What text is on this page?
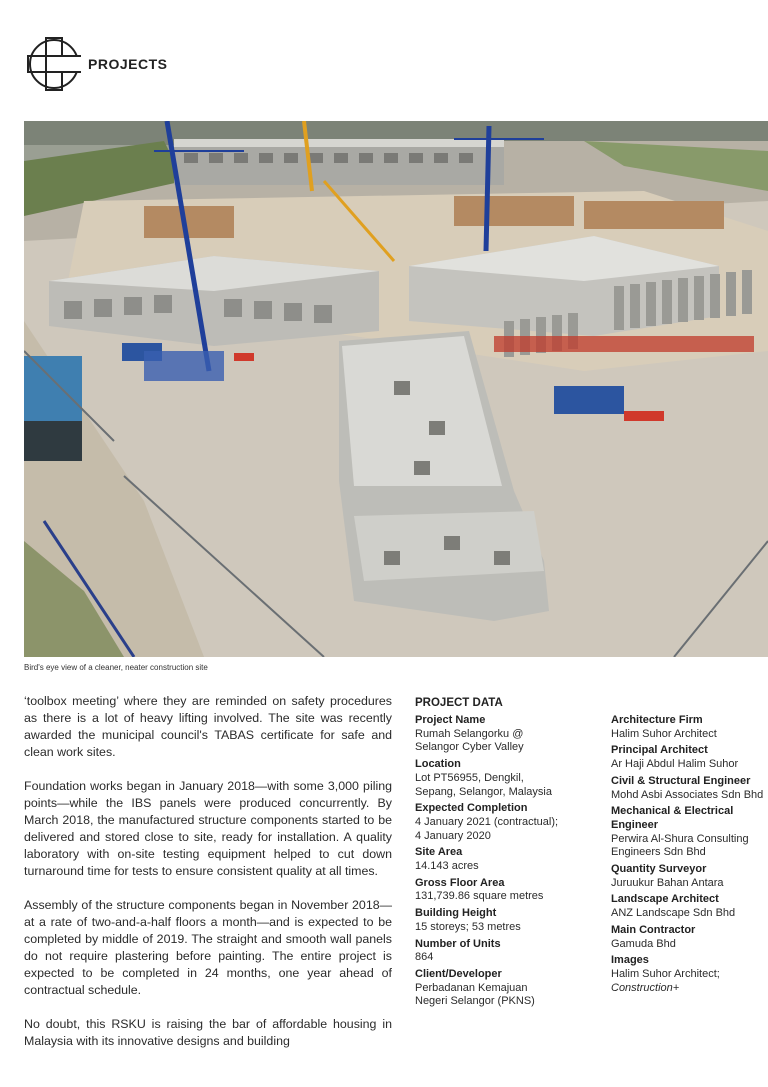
PROJECTS
Bird's eye view of a cleaner, neater construction site

‘toolbox meeting’ where they are reminded on safety procedures as there is a lot of heavy lifting involved. The site was recently awarded the municipal council's TABAS certificate for safe and clean work sites.

Foundation works began in January 2018—with some 3,000 piling points—while the IBS panels were produced concurrently. By March 2018, the manufactured structure components started to be delivered and stored close to site, ready for installation. A quality laboratory with on-site testing equipment helped to cut down turnaround time for tests to ensure consistent quality at all times.

Assembly of the structure components began in November 2018—at a rate of two-and-a-half floors a month—and is expected to be completed by middle of 2019. The straight and smooth wall panels do not require plastering before painting. The entire project is expected to be completed in 24 months, one year ahead of contractual schedule.

No doubt, this RSKU is raising the bar of affordable housing in Malaysia with its innovative designs and building

PROJECT DATA
Project Name
Rumah Selangorku @
Selangor Cyber Valley
Location
Lot PT56955, Dengkil,
Sepang, Selangor, Malaysia
Expected Completion
4 January 2021 (contractual);
4 January 2020
Site Area
14.143 acres
Gross Floor Area
131,739.86 square metres
Building Height
15 storeys; 53 metres
Number of Units
864
Client/Developer
Perbadanan Kemajuan
Negeri Selangor (PKNS)
Architecture Firm
Halim Suhor Architect
Principal Architect
Ar Haji Abdul Halim Suhor
Civil & Structural Engineer
Mohd Asbi Associates Sdn Bhd
Mechanical & Electrical
Engineer
Perwira Al-Shura Consulting
Engineers Sdn Bhd
Quantity Surveyor
Juruukur Bahan Antara
Landscape Architect
ANZ Landscape Sdn Bhd
Main Contractor
Gamuda Bhd
Images
Halim Suhor Architect;
Construction+
